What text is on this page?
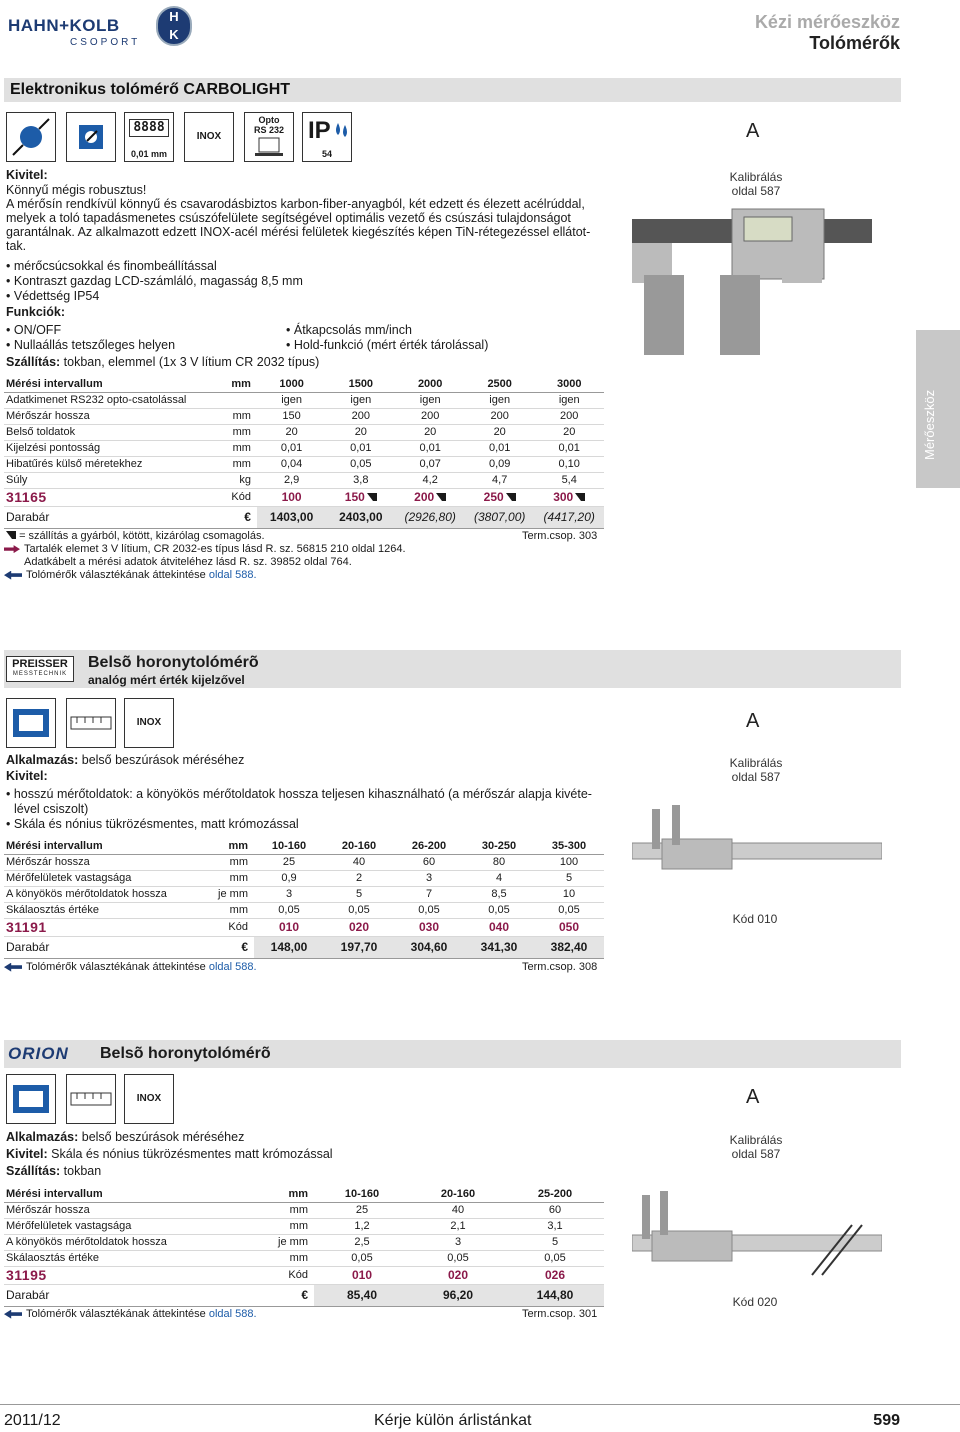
HAHN+KOLB
CSOPORT
H
K
Kézi mérőeszköz
Tolómérők
Mérőeszköz
Elektronikus tolómérő CARBOLIGHT
8888
0,01 mm
INOX
Opto
RS 232 IP
54
Kivitel:
Könnyű mégis robusztus!
A mérősín rendkívül könnyű és csavarodásbiztos karbon-fiber-anyagból, két edzett és élezett acélrúddal,
melyek a toló tapadásmenetes csúszófelülete segítségével optimális vezető és csúszási tulajdonságot
garantálnak. Az alkalmazott edzett INOX-acél mérési felületek kiegészítés képen TiN-rétegezéssel ellátot-
tak.
• mérőcsúcsokkal és finombeállítással
• Kontraszt gazdag LCD-számláló, magasság 8,5 mm
• Védettség IP54
Funkciók:
• ON/OFF
• Nullaállás tetszőleges helyen
• Átkapcsolás mm/inch
• Hold-funkció (mért érték tárolással)
Szállítás: tokban, elemmel (1x 3 V lítium CR 2032 típus)
A
Kalibrálás
oldal 587
Mérési intervallum	mm	1000	1500	2000	2500	3000
Adatkimenet RS232 opto-csatolással		igen	igen	igen	igen	igen
Mérőszár hossza	mm	150	200	200	200	200
Belső toldatok	mm	20	20	20	20	20
Kijelzési pontosság	mm	0,01	0,01	0,01	0,01	0,01
Hibatűrés külső méretekhez	mm	0,04	0,05	0,07	0,09	0,10
Súly	kg	2,9	3,8	4,2	4,7	5,4
31165	Kód	100	150	200	250	300
Darabár	€	1403,00	2403,00	(2926,80)	(3807,00)	(4417,20)
= szállítás a gyárból, kötött, kizárólag csomagolás.	Term.csop. 303
Tartalék elemet 3 V lítium, CR 2032-es típus lásd R. sz. 56815 210 oldal 1264.
Adatkábelt a mérési adatok átviteléhez lásd R. sz. 39852 oldal 764.
Tolómérők választékának áttekintése oldal 588.
PREISSER
MESSTECHNIK
Belsõ horonytolómérõ
analóg mért érték kijelzővel
INOX
Alkalmazás: belső beszúrások méréséhez
Kivitel:
• hosszú mérőtoldatok: a könyökös mérőtoldatok hossza teljesen kihasználható (a mérőszár alapja kivéte-
lével csiszolt)
• Skála és nónius tükrözésmentes, matt krómozással
A
Kalibrálás
oldal 587
Kód 010
Mérési intervallum	mm	10-160	20-160	26-200	30-250	35-300
Mérőszár hossza	mm	25	40	60	80	100
Mérőfelületek vastagsága	mm	0,9	2	3	4	5
A könyökös mérőtoldatok hossza	je mm	3	5	7	8,5	10
Skálaosztás értéke	mm	0,05	0,05	0,05	0,05	0,05
31191	Kód	010	020	030	040	050
Darabár	€	148,00	197,70	304,60	341,30	382,40
Tolómérők választékának áttekintése oldal 588.	Term.csop. 308
ORION Belsõ horonytolómérõ
INOX
Alkalmazás: belső beszúrások méréséhez
Kivitel: Skála és nónius tükrözésmentes matt krómozással
Szállítás: tokban
A
Kalibrálás
oldal 587
Kód 020
Mérési intervallum	mm	10-160	20-160	25-200
Mérőszár hossza	mm	25	40	60
Mérőfelületek vastagsága	mm	1,2	2,1	3,1
A könyökös mérőtoldatok hossza	je mm	2,5	3	5
Skálaosztás értéke	mm	0,05	0,05	0,05
31195	Kód	010	020	026
Darabár	€	85,40	96,20	144,80
Tolómérők választékának áttekintése oldal 588.	Term.csop. 301
2011/12	Kérje külön árlistánkat	599
